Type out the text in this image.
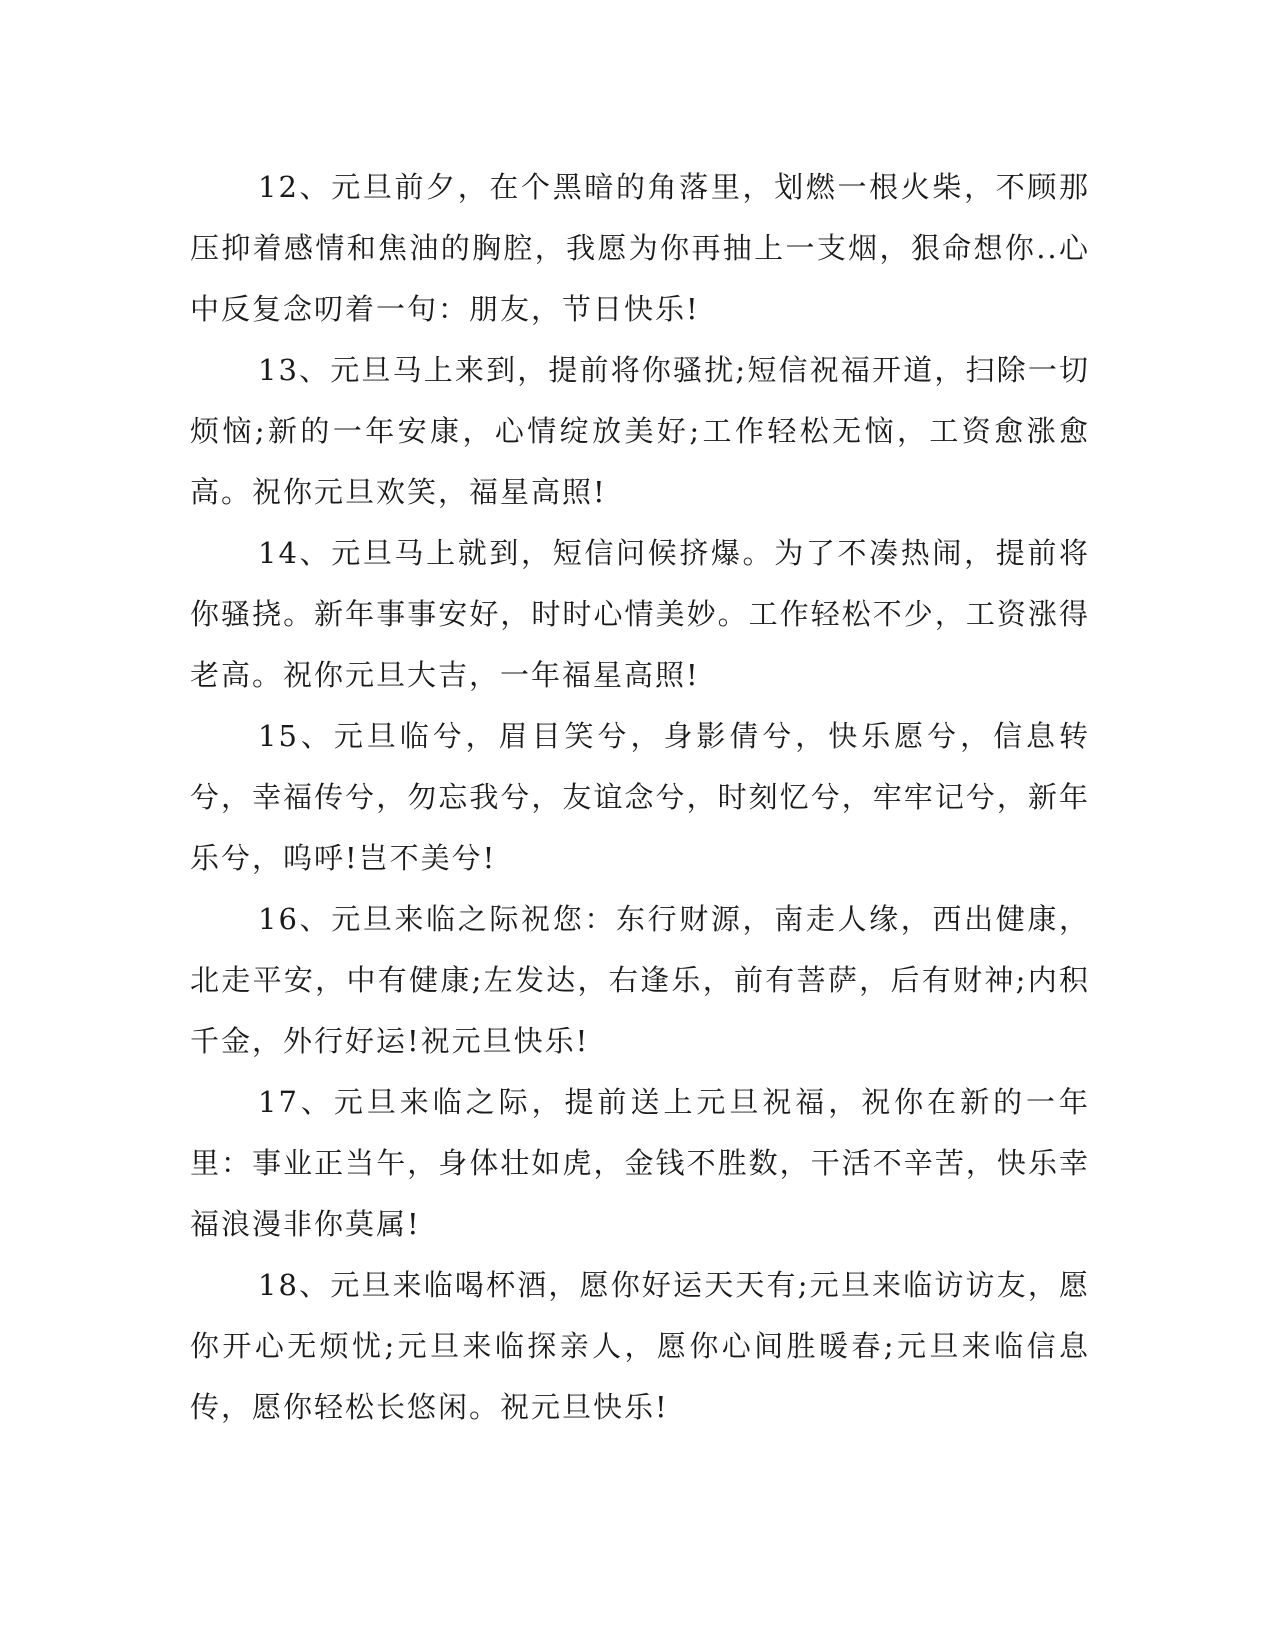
12、元旦前夕，在个黑暗的角落里，划燃一根火柴，不顾那压抑着感情和焦油的胸腔，我愿为你再抽上一支烟，狠命想你..心中反复念叨着一句：朋友，节日快乐!

13、元旦马上来到，提前将你骚扰;短信祝福开道，扫除一切烦恼;新的一年安康，心情绽放美好;工作轻松无恼，工资愈涨愈高。祝你元旦欢笑，福星高照!

14、元旦马上就到，短信问候挤爆。为了不凑热闹，提前将你骚挠。新年事事安好，时时心情美妙。工作轻松不少，工资涨得老高。祝你元旦大吉，一年福星高照!

15、元旦临兮，眉目笑兮，身影倩兮，快乐愿兮，信息转兮，幸福传兮，勿忘我兮，友谊念兮，时刻忆兮，牢牢记兮，新年乐兮，呜呼!岂不美兮!

16、元旦来临之际祝您：东行财源，南走人缘，西出健康，北走平安，中有健康;左发达，右逢乐，前有菩萨，后有财神;内积千金，外行好运!祝元旦快乐!

17、元旦来临之际，提前送上元旦祝福，祝你在新的一年里：事业正当午，身体壮如虎，金钱不胜数，干活不辛苦，快乐幸福浪漫非你莫属!

18、元旦来临喝杯酒，愿你好运天天有;元旦来临访访友，愿你开心无烦忧;元旦来临探亲人，愿你心间胜暖春;元旦来临信息传，愿你轻松长悠闲。祝元旦快乐!
